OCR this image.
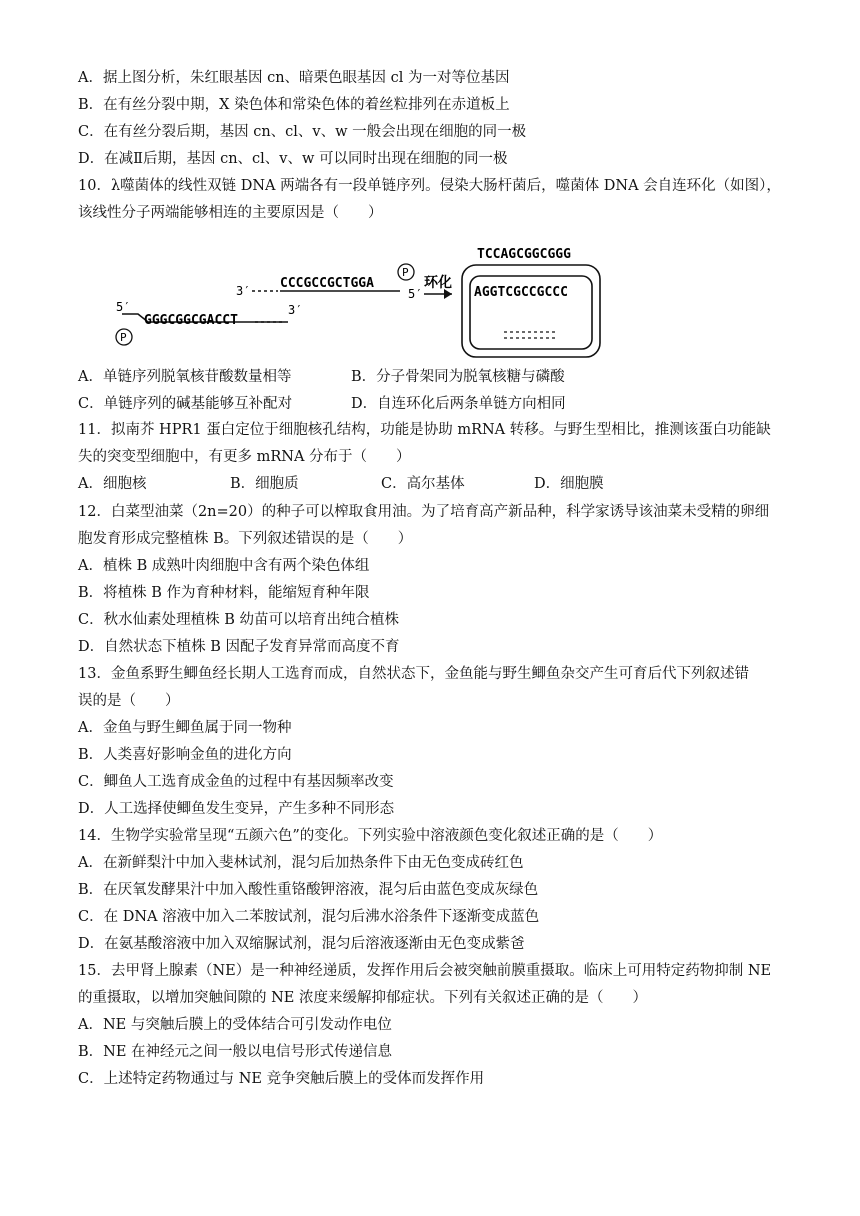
A．据上图分析，朱红眼基因 cn、暗栗色眼基因 cl 为一对等位基因
B．在有丝分裂中期，X 染色体和常染色体的着丝粒排列在赤道板上
C．在有丝分裂后期，基因 cn、cl、v、w 一般会出现在细胞的同一极
D．在减Ⅱ后期，基因 cn、cl、v、w 可以同时出现在细胞的同一极
10．λ噬菌体的线性双链 DNA 两端各有一段单链序列。侵染大肠杆菌后，噬菌体 DNA 会自连环化（如图），
该线性分子两端能够相连的主要原因是（　　）
5′
GGGCGGCGACCT
P
3′ CCCGCCGCTGGA
P
5′
3′
环化
TCCAGCGGCGGG
AGGTCGCCGCCC
A．单链序列脱氧核苷酸数量相等	B．分子骨架同为脱氧核糖与磷酸
C．单链序列的碱基能够互补配对	D．自连环化后两条单链方向相同
11．拟南芥 HPR1 蛋白定位于细胞核孔结构，功能是协助 mRNA 转移。与野生型相比，推测该蛋白功能缺
失的突变型细胞中，有更多 mRNA 分布于（　　）
A．细胞核	B．细胞质	C．高尔基体	D．细胞膜
12．白菜型油菜（2n=20）的种子可以榨取食用油。为了培育高产新品种，科学家诱导该油菜未受精的卵细
胞发育形成完整植株 B。下列叙述错误的是（　　）
A．植株 B 成熟叶肉细胞中含有两个染色体组
B．将植株 B 作为育种材料，能缩短育种年限
C．秋水仙素处理植株 B 幼苗可以培育出纯合植株
D．自然状态下植株 B 因配子发育异常而高度不育
13．金鱼系野生鲫鱼经长期人工选育而成，自然状态下，金鱼能与野生鲫鱼杂交产生可育后代下列叙述错
误的是（　　）
A．金鱼与野生鲫鱼属于同一物种
B．人类喜好影响金鱼的进化方向
C．鲫鱼人工选育成金鱼的过程中有基因频率改变
D．人工选择使鲫鱼发生变异，产生多种不同形态
14．生物学实验常呈现“五颜六色”的变化。下列实验中溶液颜色变化叙述正确的是（　　）
A．在新鲜梨汁中加入斐林试剂，混匀后加热条件下由无色变成砖红色
B．在厌氧发酵果汁中加入酸性重铬酸钾溶液，混匀后由蓝色变成灰绿色
C．在 DNA 溶液中加入二苯胺试剂，混匀后沸水浴条件下逐渐变成蓝色
D．在氨基酸溶液中加入双缩脲试剂，混匀后溶液逐渐由无色变成紫爸
15．去甲肾上腺素（NE）是一种神经递质，发挥作用后会被突触前膜重摄取。临床上可用特定药物抑制 NE
的重摄取，以增加突触间隙的 NE 浓度来缓解抑郁症状。下列有关叙述正确的是（　　）
A．NE 与突触后膜上的受体结合可引发动作电位
B．NE 在神经元之间一般以电信号形式传递信息
C．上述特定药物通过与 NE 竞争突触后膜上的受体而发挥作用
